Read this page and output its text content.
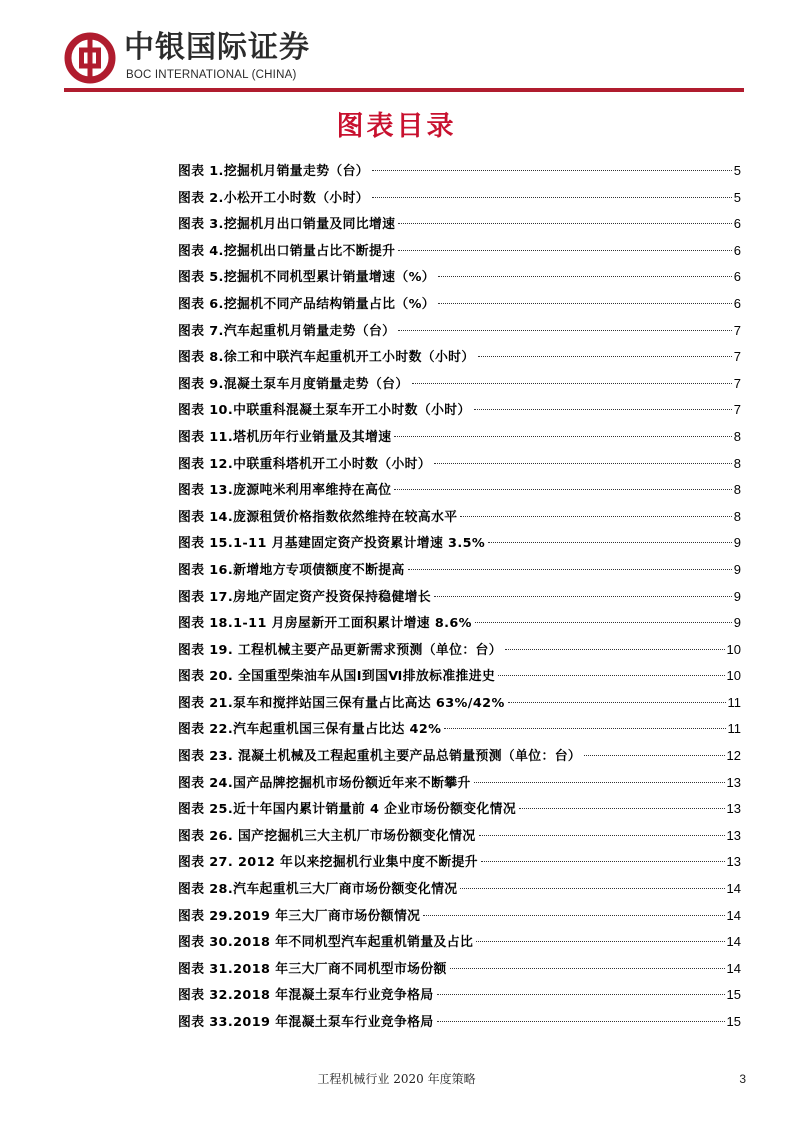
中银国际证券
BOC INTERNATIONAL (CHINA)
图表目录
图表 1.挖掘机月销量走势（台）	5
图表 2.小松开工小时数（小时）	5
图表 3.挖掘机月出口销量及同比增速	6
图表 4.挖掘机出口销量占比不断提升	6
图表 5.挖掘机不同机型累计销量增速（%）	6
图表 6.挖掘机不同产品结构销量占比（%）	6
图表 7.汽车起重机月销量走势（台）	7
图表 8.徐工和中联汽车起重机开工小时数（小时）	7
图表 9.混凝土泵车月度销量走势（台）	7
图表 10.中联重科混凝土泵车开工小时数（小时）	7
图表 11.塔机历年行业销量及其增速	8
图表 12.中联重科塔机开工小时数（小时）	8
图表 13.庞源吨米利用率维持在高位	8
图表 14.庞源租赁价格指数依然维持在较高水平	8
图表 15.1-11 月基建固定资产投资累计增速 3.5%	9
图表 16.新增地方专项债额度不断提高	9
图表 17.房地产固定资产投资保持稳健增长	9
图表 18.1-11 月房屋新开工面积累计增速 8.6%	9
图表 19. 工程机械主要产品更新需求预测（单位：台）	10
图表 20. 全国重型柴油车从国Ⅰ到国Ⅵ排放标准推进史	10
图表 21.泵车和搅拌站国三保有量占比高达 63%/42%	11
图表 22.汽车起重机国三保有量占比达 42%	11
图表 23. 混凝土机械及工程起重机主要产品总销量预测（单位：台）	12
图表 24.国产品牌挖掘机市场份额近年来不断攀升	13
图表 25.近十年国内累计销量前 4 企业市场份额变化情况	13
图表 26. 国产挖掘机三大主机厂市场份额变化情况	13
图表 27. 2012 年以来挖掘机行业集中度不断提升	13
图表 28.汽车起重机三大厂商市场份额变化情况	14
图表 29.2019 年三大厂商市场份额情况	14
图表 30.2018 年不同机型汽车起重机销量及占比	14
图表 31.2018 年三大厂商不同机型市场份额	14
图表 32.2018 年混凝土泵车行业竞争格局	15
图表 33.2019 年混凝土泵车行业竞争格局	15
工程机械行业 2020 年度策略	3
